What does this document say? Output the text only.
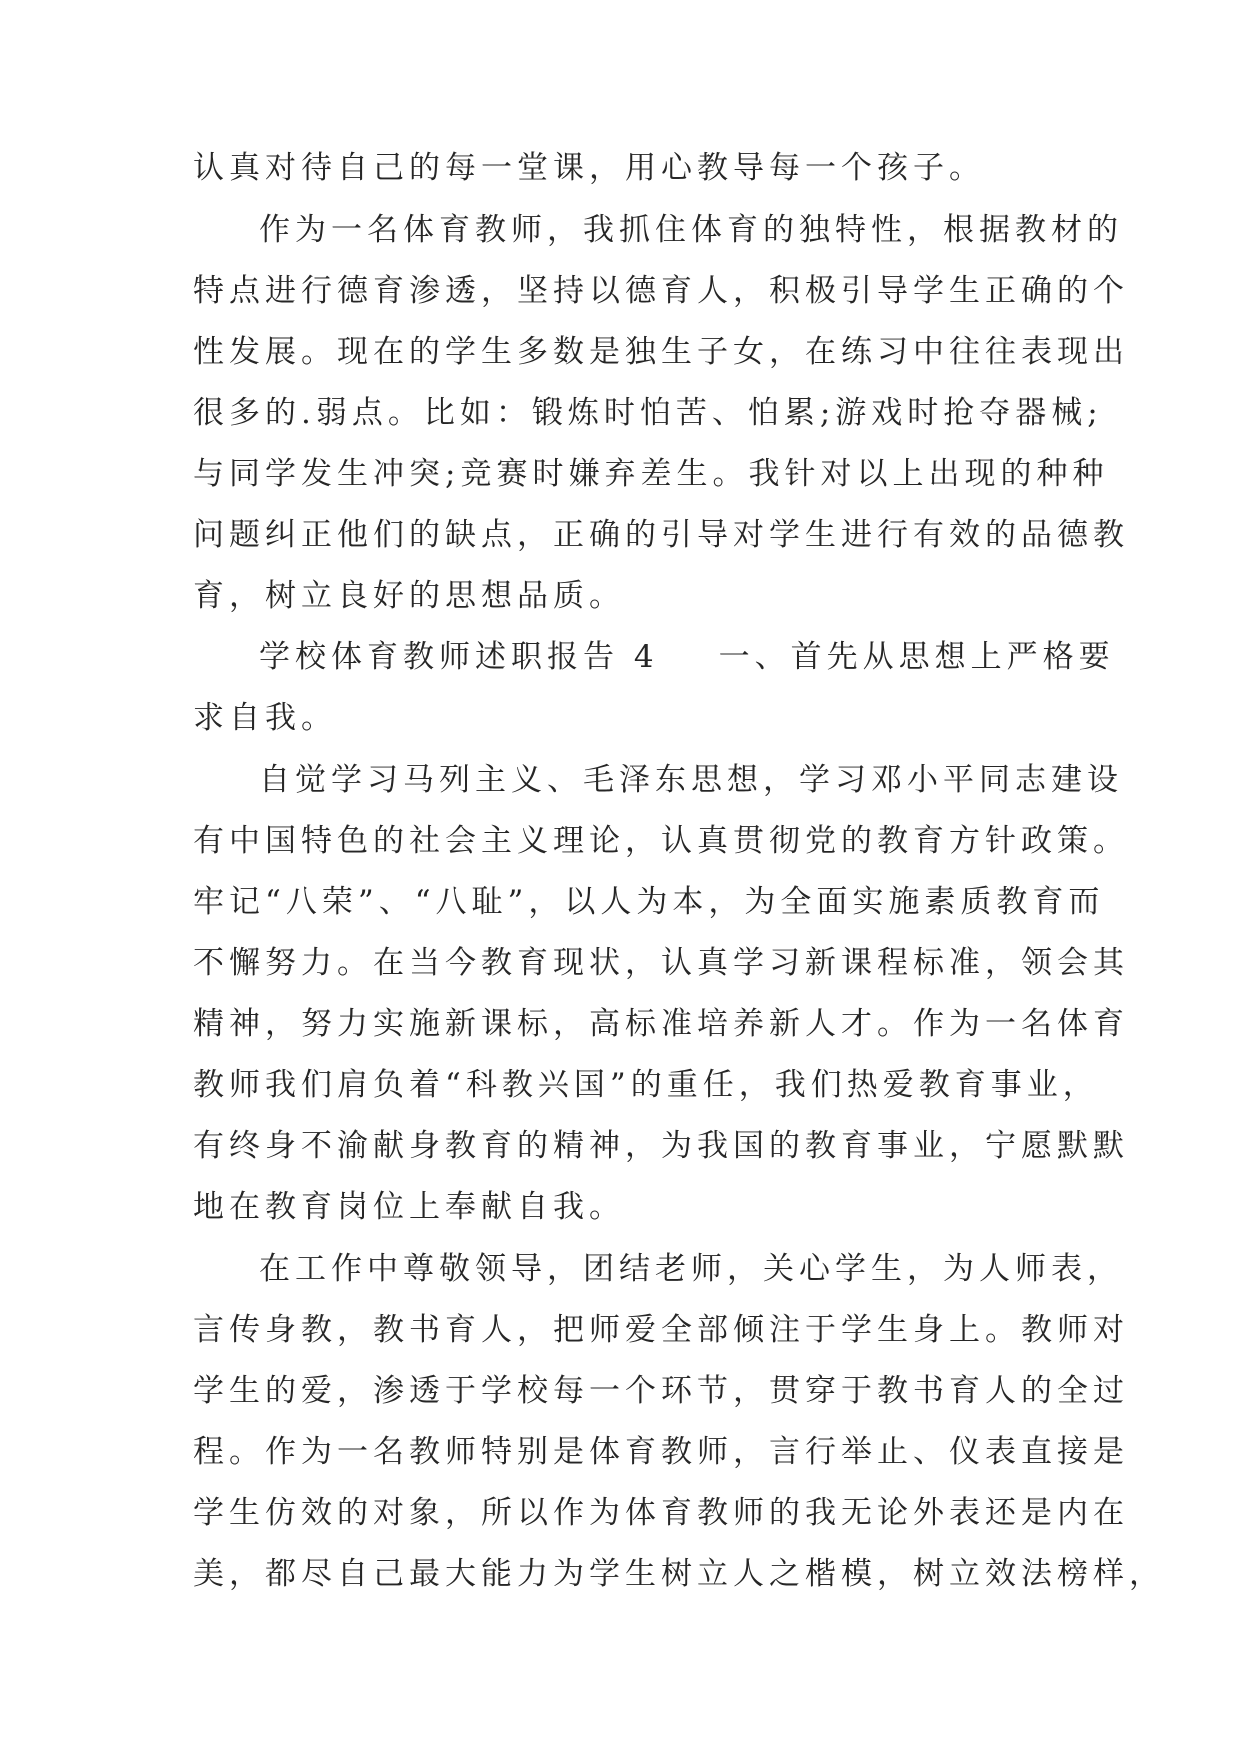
认真对待自己的每一堂课，用心教导每一个孩子。

作为一名体育教师，我抓住体育的独特性，根据教材的

特点进行德育渗透，坚持以德育人，积极引导学生正确的个

性发展。现在的学生多数是独生子女，在练习中往往表现出

很多的.弱点。比如：锻炼时怕苦、怕累;游戏时抢夺器械;

与同学发生冲突;竞赛时嫌弃差生。我针对以上出现的种种

问题纠正他们的缺点，正确的引导对学生进行有效的品德教

育，树立良好的思想品质。

学校体育教师述职报告 4 一、首先从思想上严格要

求自我。

自觉学习马列主义、毛泽东思想，学习邓小平同志建设

有中国特色的社会主义理论，认真贯彻党的教育方针政策。

牢记“八荣”、“八耻”，以人为本，为全面实施素质教育而

不懈努力。在当今教育现状，认真学习新课程标准，领会其

精神，努力实施新课标，高标准培养新人才。作为一名体育

教师我们肩负着“科教兴国”的重任，我们热爱教育事业，

有终身不渝献身教育的精神，为我国的教育事业，宁愿默默

地在教育岗位上奉献自我。

在工作中尊敬领导，团结老师，关心学生，为人师表，

言传身教，教书育人，把师爱全部倾注于学生身上。教师对

学生的爱，渗透于学校每一个环节，贯穿于教书育人的全过

程。作为一名教师特别是体育教师，言行举止、仪表直接是

学生仿效的对象，所以作为体育教师的我无论外表还是内在

美，都尽自己最大能力为学生树立人之楷模，树立效法榜样，
